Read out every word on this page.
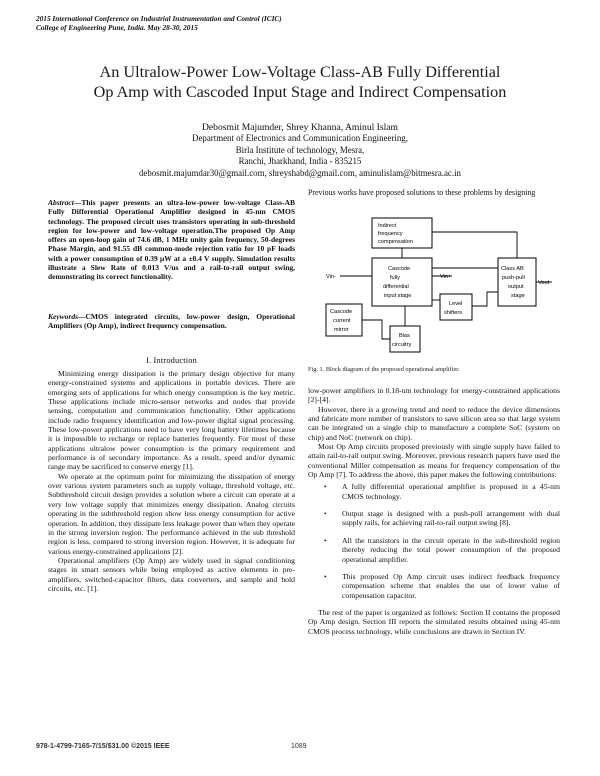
2015 International Conference on Industrial Instrumentation and Control (ICIC)
College of Engineering Pune, India. May 28-30, 2015
An Ultralow-Power Low-Voltage Class-AB Fully Differential
Op Amp with Cascoded Input Stage and Indirect Compensation
Debosmit Majumder, Shrey Khanna, Aminul Islam
Department of Electronics and Communication Engineering,
Birla Institute of technology, Mesra,
Ranchi, Jharkhand, India - 835215
debosmit.majumdar30@gmail.com, shreyshabd@gmail.com, aminulislam@bitmesra.ac.in
Abstract—This paper presents an ultra-low-power low-voltage Class-AB Fully Differential Operational Amplifier designed in 45-nm CMOS technology. The proposed circuit uses transistors operating in sub-threshold region for low-power and low-voltage operation.The proposed Op Amp offers an open-loop gain of 74.6 dB, 1 MHz unity gain frequency, 50-degrees Phase Margin, and 91.55 dB common-mode rejection ratio for 10 pF loads with a power consumption of 0.39 μW at a ±0.4 V supply. Simulation results illustrate a Slew Rate of 0.013 V/us and a rail-to-rail output swing, demonstrating its correct functionality.
Keywords—CMOS integrated circuits, low-power design, Operational Amplifiers (Op Amp), indirect frequency compensation.
I. Introduction

Minimizing energy dissipation is the primary design objective for many energy-constrained systems and applications in portable devices. There are emerging sets of applications for which energy consumption is the key metric. These applications include micro-sensor networks and nodes that provide sensing, computation and communication functionality. Other applications include radio frequency identification and low-power digital signal processing. These low-power applications need to have very long battery lifetimes because it is impossible to recharge or replace batteries frequently. For most of these applications ultralow power consumption is the primary requirement and performance is of secondary importance. As a result, speed and/or dynamic range may be sacrificed to conserve energy [1].

We operate at the optimum point for minimizing the dissipation of energy over various system parameters such as supply voltage, threshold voltage, etc. Subthreshold circuit design provides a solution where a circuit can operate at a very low voltage supply that minimizes energy dissipation. Analog circuits operating in the subthreshold region show less energy consumption for active operation. In addition, they dissipate less leakage power than when they operate in the strong inversion region. The performance achieved in the sub threshold region is less, compared to strong inversion region. However, it is adequate for various energy-constrained applications [2].

Operational amplifiers (Op Amp) are widely used in signal conditioning stages in smart sensors while being employed as active elements in pre-amplifiers, switched-capacitor filters, data converters, and sample and hold circuits, etc. [1].

Previous works have proposed solutions to these problems by designing
Indirect
frequency
compensation
Cascode
fully
differential
input stage
Class AB
push-pull
output
stage
Level
shifters
Cascode
current
mirror
Bias
circuitry
Vin-	Vin+
Vout
Fig. 1. Block diagram of the proposed operational amplifier.

low-power amplifiers in 0.18-um technology for energy-constrained applications [2]-[4].

However, there is a growing trend and need to reduce the device dimensions and fabricate more number of transistors to save silicon area so that large system can be integrated on a single chip to manufacture a complete SoC (system on chip) and NoC (network on chip).

Most Op Amp circuits proposed previously with single supply have failed to attain rail-to-rail output swing. Moreover, previous research papers have used the conventional Miller compensation as means for frequency compensation of the Op Amp [7]. To address the above, this paper makes the following contributions:

• A fully differential operational amplifier is proposed in a 45-nm CMOS technology.
• Output stage is designed with a push-pull arrangement with dual supply rails, for achieving rail-to-rail output swing [8].
• All the transistors in the circuit operate in the sub-threshold region thereby reducing the total power consumption of the proposed operational amplifier.
• This proposed Op Amp circuit uses indirect feedback frequency compensation scheme that enables the use of lower value of compensation capacitor.

The rest of the paper is organized as follows: Section II contains the proposed Op Amp design. Section III reports the simulated results obtained using 45-nm CMOS process technology, while conclusions are drawn in Section IV.

978-1-4799-7165-7/15/$31.00 ©2015 IEEE	1089
